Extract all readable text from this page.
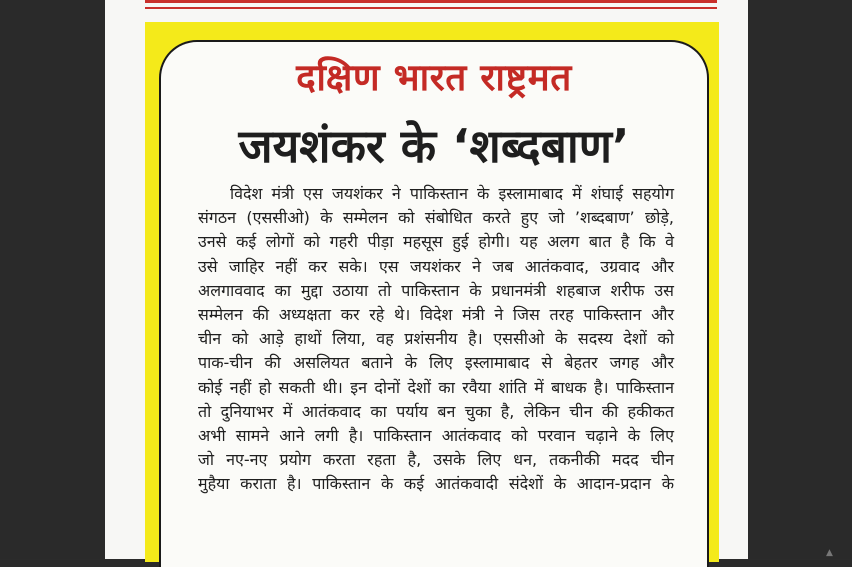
दक्षिण भारत राष्ट्रमत
जयशंकर के ‘शब्दबाण’
विदेश मंत्री एस जयशंकर ने पाकिस्तान के इस्लामाबाद में शंघाई सहयोग
संगठन (एससीओ) के सम्मेलन को संबोधित करते हुए जो ’शब्दबाण’ छोड़े,
उनसे कई लोगों को गहरी पीड़ा महसूस हुई होगी। यह अलग बात है कि वे
उसे जाहिर नहीं कर सके। एस जयशंकर ने जब आतंकवाद, उग्रवाद और
अलगाववाद का मुद्दा उठाया तो पाकिस्तान के प्रधानमंत्री शहबाज शरीफ उस
सम्मेलन की अध्यक्षता कर रहे थे। विदेश मंत्री ने जिस तरह पाकिस्तान और
चीन को आड़े हाथों लिया, वह प्रशंसनीय है। एससीओ के सदस्य देशों को
पाक-चीन की असलियत बताने के लिए इस्लामाबाद से बेहतर जगह और
कोई नहीं हो सकती थी। इन दोनों देशों का रवैया शांति में बाधक है। पाकिस्तान
तो दुनियाभर में आतंकवाद का पर्याय बन चुका है, लेकिन चीन की हकीकत
अभी सामने आने लगी है। पाकिस्तान आतंकवाद को परवान चढ़ाने के लिए
जो नए-नए प्रयोग करता रहता है, उसके लिए धन, तकनीकी मदद चीन
मुहैया कराता है। पाकिस्तान के कई आतंकवादी संदेशों के आदान-प्रदान के
▲
